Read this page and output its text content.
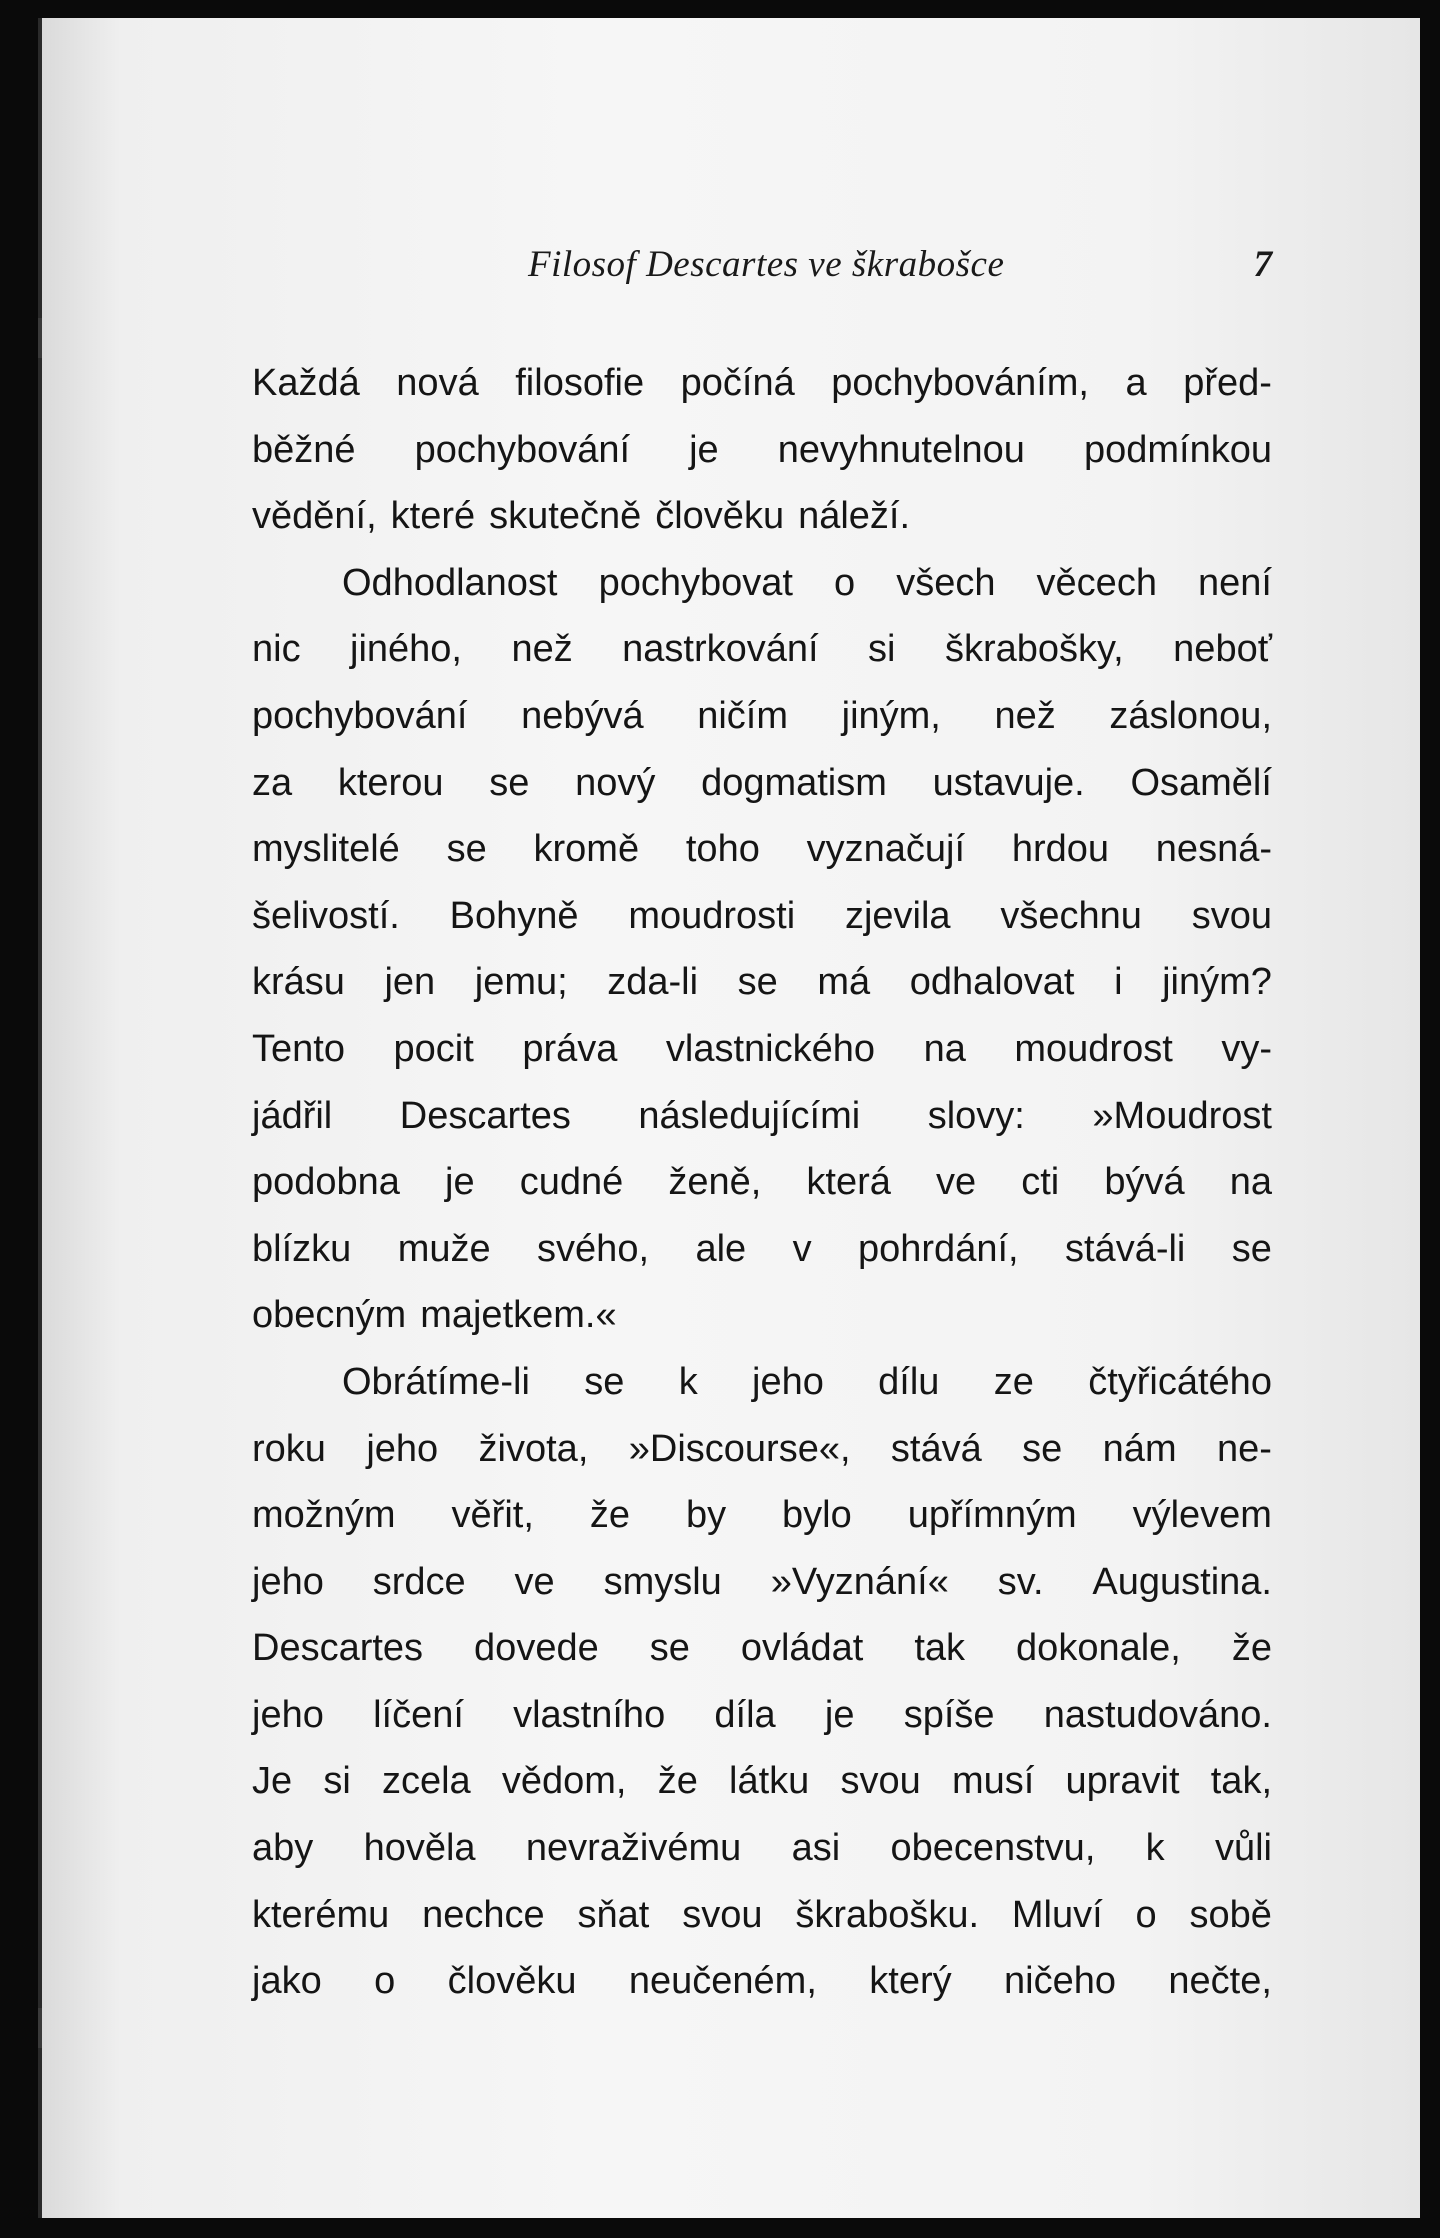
Filosof Descartes ve škrabošce	7
Každá nová filosofie počíná pochybováním, a před-
běžné pochybování je nevyhnutelnou podmínkou
vědění, které skutečně člověku náleží.
Odhodlanost pochybovat o všech věcech není
nic jiného, než nastrkování si škrabošky, neboť
pochybování nebývá ničím jiným, než záslonou,
za kterou se nový dogmatism ustavuje. Osamělí
myslitelé se kromě toho vyznačují hrdou nesná-
šelivostí. Bohyně moudrosti zjevila všechnu svou
krásu jen jemu; zda-li se má odhalovat i jiným?
Tento pocit práva vlastnického na moudrost vy-
jádřil Descartes následujícími slovy: »Moudrost
podobna je cudné ženě, která ve cti bývá na
blízku muže svého, ale v pohrdání, stává-li se
obecným majetkem.«
Obrátíme-li se k jeho dílu ze čtyřicátého
roku jeho života, »Discourse«, stává se nám ne-
možným věřit, že by bylo upřímným výlevem
jeho srdce ve smyslu »Vyznání« sv. Augustina.
Descartes dovede se ovládat tak dokonale, že
jeho líčení vlastního díla je spíše nastudováno.
Je si zcela vědom, že látku svou musí upravit tak,
aby hověla nevraživému asi obecenstvu, k vůli
kterému nechce sňat svou škrabošku. Mluví o sobě
jako o člověku neučeném, který ničeho nečte,
